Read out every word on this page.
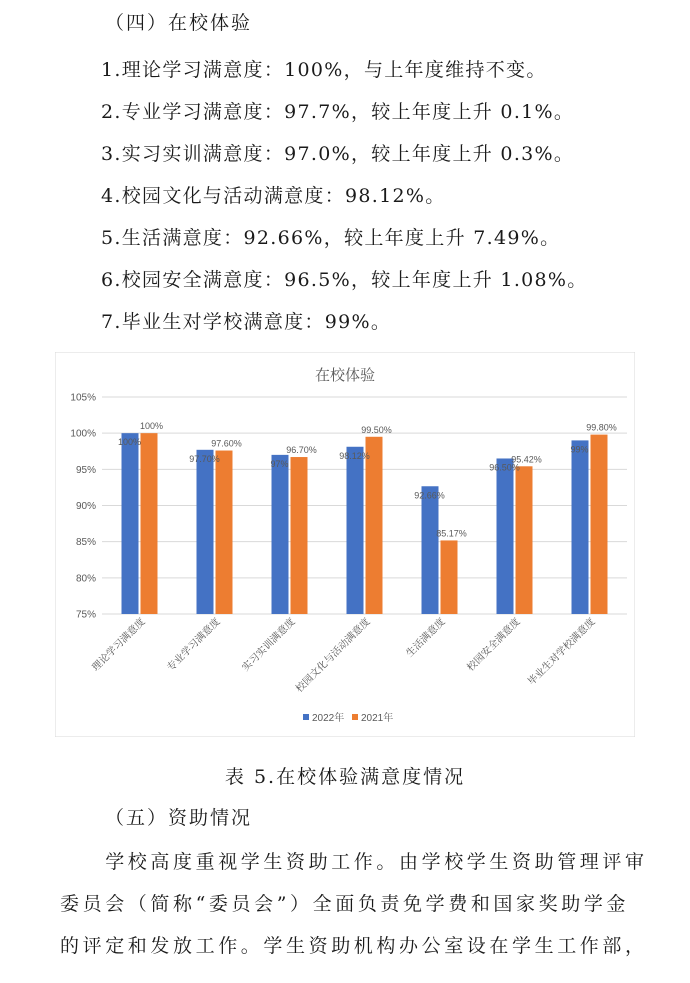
（四）在校体验
1.理论学习满意度：100%，与上年度维持不变。
2.专业学习满意度：97.7%，较上年度上升 0.1%。
3.实习实训满意度：97.0%，较上年度上升 0.3%。
4.校园文化与活动满意度：98.12%。
5.生活满意度：92.66%，较上年度上升 7.49%。
6.校园安全满意度：96.5%，较上年度上升 1.08%。
7.毕业生对学校满意度：99%。
在校体验
75%
80%
85%
90%
95%
100%
105%
100%
100%
97.70%
97.60%
97%
96.70%
98.12%
99.50%
92.66%
85.17%
96.50%
95.42%
99%
99.80%
理论学习满意度 专业学习满意度 实习实训满意度
校园文化与活动满意度	生活满意度 校园安全满意度 毕业生对学校满意度
2022年 2021年
表 5.在校体验满意度情况
（五）资助情况
　　学校高度重视学生资助工作。由学校学生资助管理评审
委员会（简称“委员会”）全面负责免学费和国家奖助学金
的评定和发放工作。学生资助机构办公室设在学生工作部，
